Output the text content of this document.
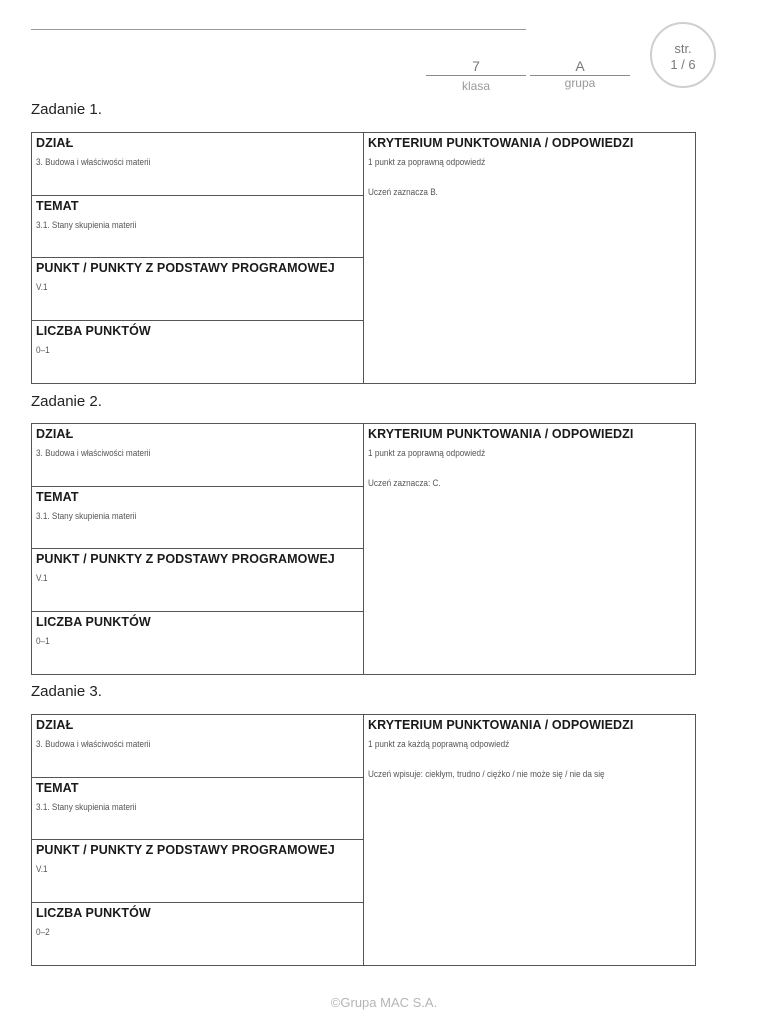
7
klasa
A
grupa
str.
1 / 6
Zadanie 1.
DZIAŁ
3. Budowa i właściwości materii
TEMAT
3.1. Stany skupienia materii
PUNKT / PUNKTY Z PODSTAWY PROGRAMOWEJ
V.1
LICZBA PUNKTÓW
0–1
KRYTERIUM PUNKTOWANIA / ODPOWIEDZI
1 punkt za poprawną odpowiedź
Uczeń zaznacza B.
Zadanie 2.
DZIAŁ
3. Budowa i właściwości materii
TEMAT
3.1. Stany skupienia materii
PUNKT / PUNKTY Z PODSTAWY PROGRAMOWEJ
V.1
LICZBA PUNKTÓW
0–1
KRYTERIUM PUNKTOWANIA / ODPOWIEDZI
1 punkt za poprawną odpowiedź
Uczeń zaznacza: C.
Zadanie 3.
DZIAŁ
3. Budowa i właściwości materii
TEMAT
3.1. Stany skupienia materii
PUNKT / PUNKTY Z PODSTAWY PROGRAMOWEJ
V.1
LICZBA PUNKTÓW
0–2
KRYTERIUM PUNKTOWANIA / ODPOWIEDZI
1 punkt za każdą poprawną odpowiedź
Uczeń wpisuje: ciekłym, trudno / ciężko / nie może się / nie da się
©Grupa MAC S.A.
